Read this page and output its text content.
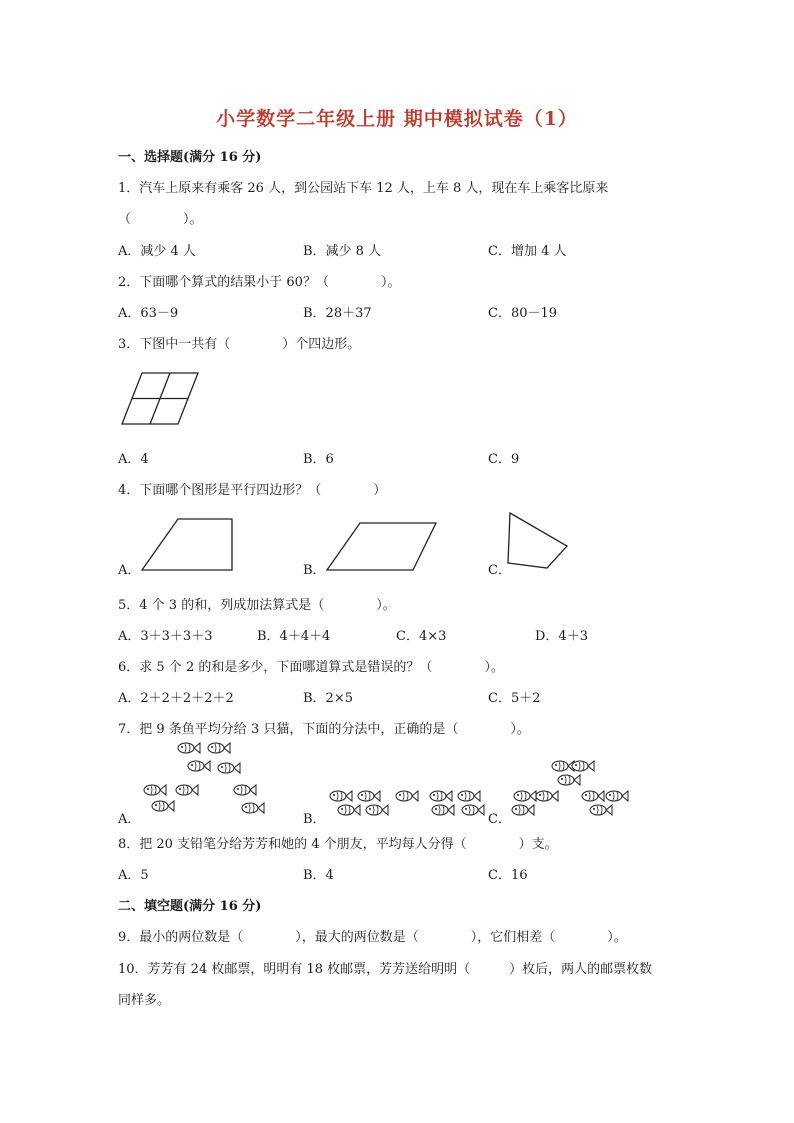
小学数学二年级上册 期中模拟试卷（1）
一、选择题(满分 16 分)
1．汽车上原来有乘客 26 人，到公园站下车 12 人，上车 8 人，现在车上乘客比原来
（　　　　）。
A．减少 4 人	B．减少 8 人	C．增加 4 人
2．下面哪个算式的结果小于 60？（　　　　）。
A．63－9	B．28＋37	C．80－19
3．下图中一共有（　　　　）个四边形。
A．4	B．6	C．9
4．下面哪个图形是平行四边形？（　　　　）
A．	B．	C．
5．4 个 3 的和，列成加法算式是（　　　　）。
A．3＋3＋3＋3	B．4＋4＋4	C．4×3	D．4＋3
6．求 5 个 2 的和是多少，下面哪道算式是错误的？（　　　　）。
A．2＋2＋2＋2＋2	B．2×5	C．5＋2
7．把 9 条鱼平均分给 3 只猫，下面的分法中，正确的是（　　　　）。
A．	B．	C．
8．把 20 支铅笔分给芳芳和她的 4 个朋友，平均每人分得（　　　　）支。
A．5	B．4	C．16
二、填空题(满分 16 分)
9．最小的两位数是（　　　　），最大的两位数是（　　　　），它们相差（　　　　）。
10．芳芳有 24 枚邮票，明明有 18 枚邮票，芳芳送给明明（　　　）枚后，两人的邮票枚数
同样多。
